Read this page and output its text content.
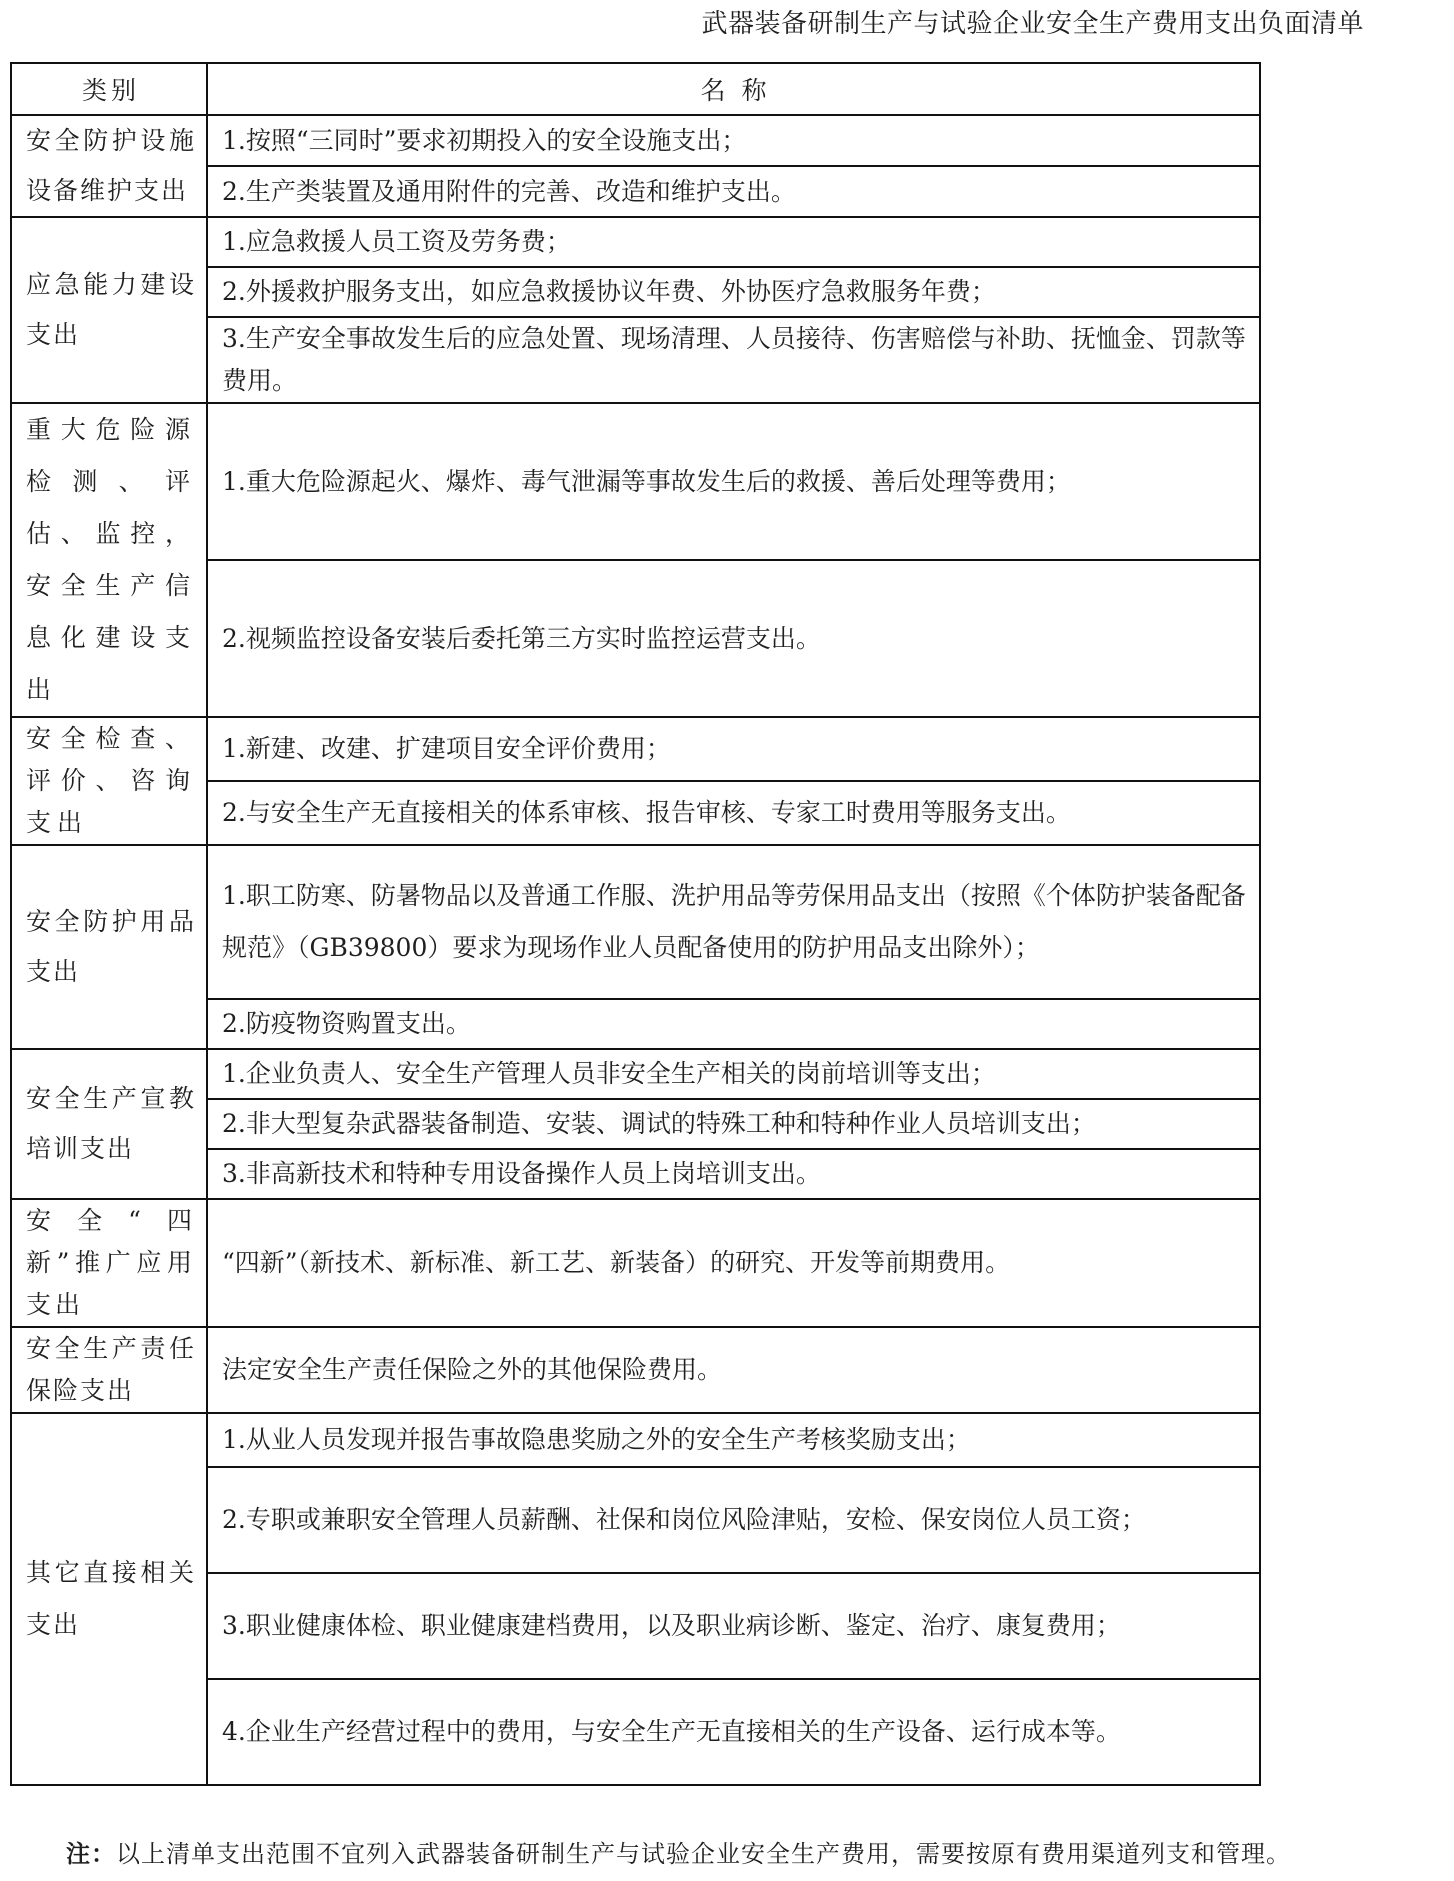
武器装备研制生产与试验企业安全生产费用支出负面清单
类别	名 称
安全防护设施设备维护支出	1.按照“三同时”要求初期投入的安全设施支出；
	2.生产类装置及通用附件的完善、改造和维护支出。
应急能力建设支出	1.应急救援人员工资及劳务费；
	2.外援救护服务支出，如应急救援协议年费、外协医疗急救服务年费；
	3.生产安全事故发生后的应急处置、现场清理、人员接待、伤害赔偿与补助、抚恤金、罚款等费用。
重大危险源检测、评估、监控，安全生产信息化建设支出	1.重大危险源起火、爆炸、毒气泄漏等事故发生后的救援、善后处理等费用；
	2.视频监控设备安装后委托第三方实时监控运营支出。
安全检查、评价、咨询支出	1.新建、改建、扩建项目安全评价费用；
	2.与安全生产无直接相关的体系审核、报告审核、专家工时费用等服务支出。
安全防护用品支出	1.职工防寒、防暑物品以及普通工作服、洗护用品等劳保用品支出（按照《个体防护装备配备规范》（GB39800）要求为现场作业人员配备使用的防护用品支出除外）；
	2.防疫物资购置支出。
安全生产宣教培训支出	1.企业负责人、安全生产管理人员非安全生产相关的岗前培训等支出；
	2.非大型复杂武器装备制造、安装、调试的特殊工种和特种作业人员培训支出；
	3.非高新技术和特种专用设备操作人员上岗培训支出。
安全“四新”推广应用支出	“四新”（新技术、新标准、新工艺、新装备）的研究、开发等前期费用。
安全生产责任保险支出	法定安全生产责任保险之外的其他保险费用。
其它直接相关支出	1.从业人员发现并报告事故隐患奖励之外的安全生产考核奖励支出；
	2.专职或兼职安全管理人员薪酬、社保和岗位风险津贴，安检、保安岗位人员工资；
	3.职业健康体检、职业健康建档费用，以及职业病诊断、鉴定、治疗、康复费用；
	4.企业生产经营过程中的费用，与安全生产无直接相关的生产设备、运行成本等。
注：以上清单支出范围不宜列入武器装备研制生产与试验企业安全生产费用，需要按原有费用渠道列支和管理。
